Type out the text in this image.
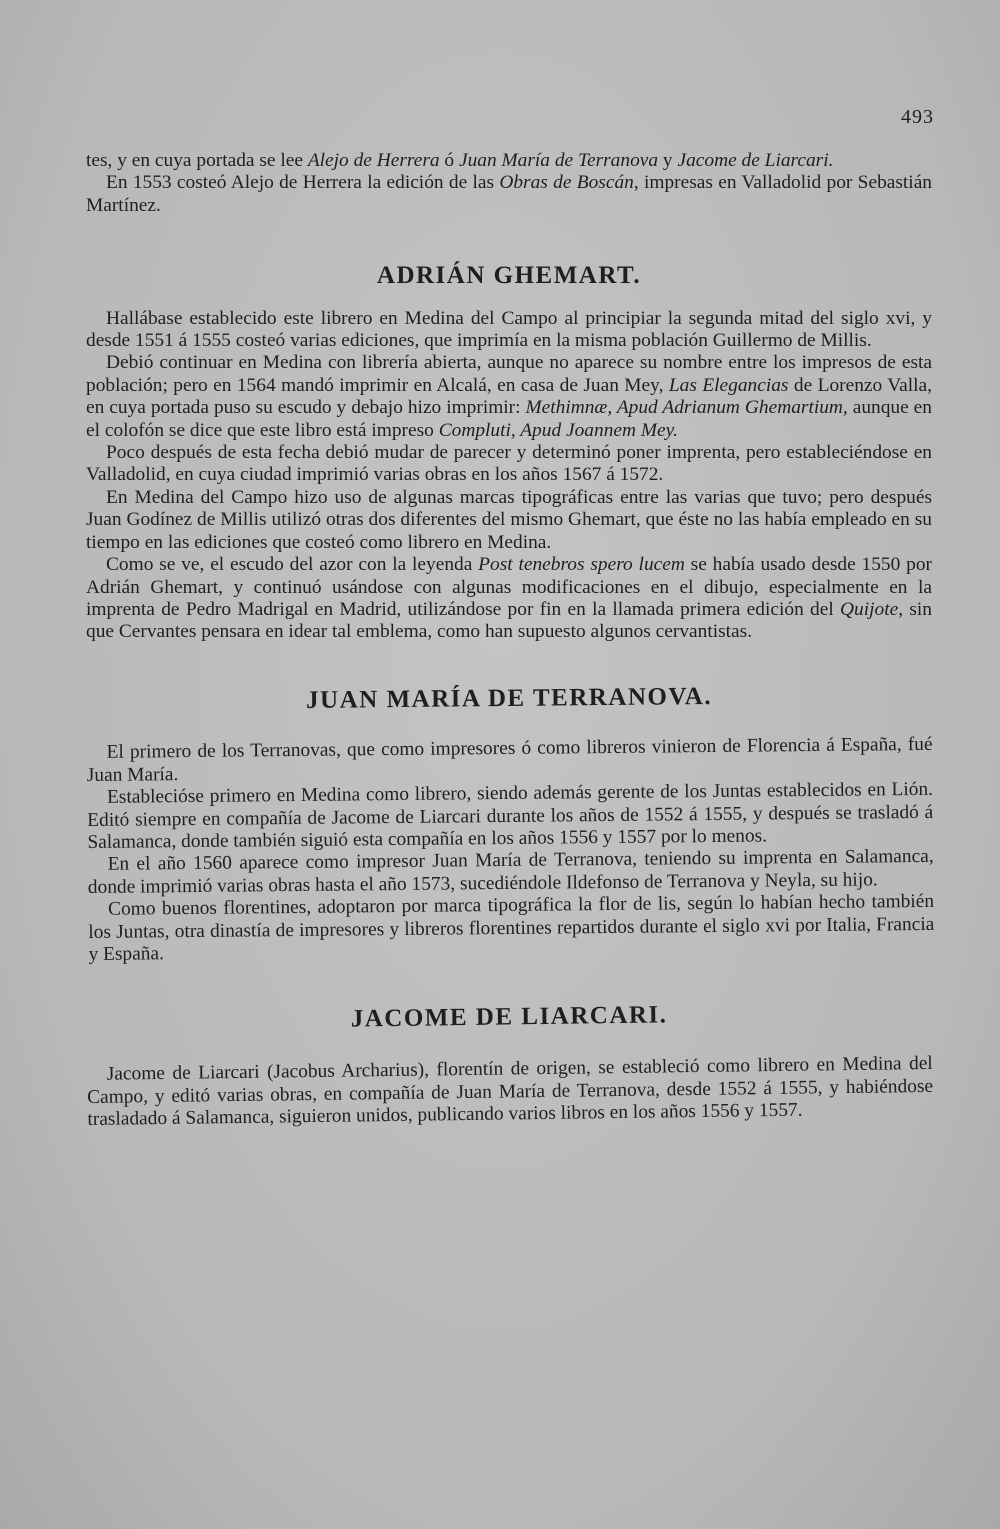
493

tes, y en cuya portada se lee Alejo de Herrera ó Juan María de Terranova y Jacome de Liarcari.

En 1553 costeó Alejo de Herrera la edición de las Obras de Boscán, impresas en Valladolid por Sebastián Martínez.

ADRIÁN GHEMART.

Hallábase establecido este librero en Medina del Campo al principiar la segunda mitad del siglo xvi, y desde 1551 á 1555 costeó varias ediciones, que imprimía en la misma población Guillermo de Millis.

Debió continuar en Medina con librería abierta, aunque no aparece su nombre entre los impresos de esta población; pero en 1564 mandó imprimir en Alcalá, en casa de Juan Mey, Las Elegancias de Lorenzo Valla, en cuya portada puso su escudo y debajo hizo imprimir: Methimnæ, Apud Adrianum Ghemartium, aunque en el colofón se dice que este libro está impreso Compluti, Apud Joannem Mey.

Poco después de esta fecha debió mudar de parecer y determinó poner imprenta, pero estableciéndose en Valladolid, en cuya ciudad imprimió varias obras en los años 1567 á 1572.

En Medina del Campo hizo uso de algunas marcas tipográficas entre las varias que tuvo; pero después Juan Godínez de Millis utilizó otras dos diferentes del mismo Ghemart, que éste no las había empleado en su tiempo en las ediciones que costeó como librero en Medina.

Como se ve, el escudo del azor con la leyenda Post tenebros spero lucem se había usado desde 1550 por Adrián Ghemart, y continuó usándose con algunas modificaciones en el dibujo, especialmente en la imprenta de Pedro Madrigal en Madrid, utilizándose por fin en la llamada primera edición del Quijote, sin que Cervantes pensara en idear tal emblema, como han supuesto algunos cervantistas.

JUAN MARÍA DE TERRANOVA.

El primero de los Terranovas, que como impresores ó como libreros vinieron de Florencia á España, fué Juan María.

Establecióse primero en Medina como librero, siendo además gerente de los Juntas establecidos en Lión. Editó siempre en compañía de Jacome de Liarcari durante los años de 1552 á 1555, y después se trasladó á Salamanca, donde también siguió esta compañía en los años 1556 y 1557 por lo menos.

En el año 1560 aparece como impresor Juan María de Terranova, teniendo su imprenta en Salamanca, donde imprimió varias obras hasta el año 1573, sucediéndole Ildefonso de Terranova y Neyla, su hijo.

Como buenos florentines, adoptaron por marca tipográfica la flor de lis, según lo habían hecho también los Juntas, otra dinastía de impresores y libreros florentines repartidos durante el siglo xvi por Italia, Francia y España.

JACOME DE LIARCARI.

Jacome de Liarcari (Jacobus Archarius), florentín de origen, se estableció como librero en Medina del Campo, y editó varias obras, en compañía de Juan María de Terranova, desde 1552 á 1555, y habiéndose trasladado á Salamanca, siguieron unidos, publicando varios libros en los años 1556 y 1557.
